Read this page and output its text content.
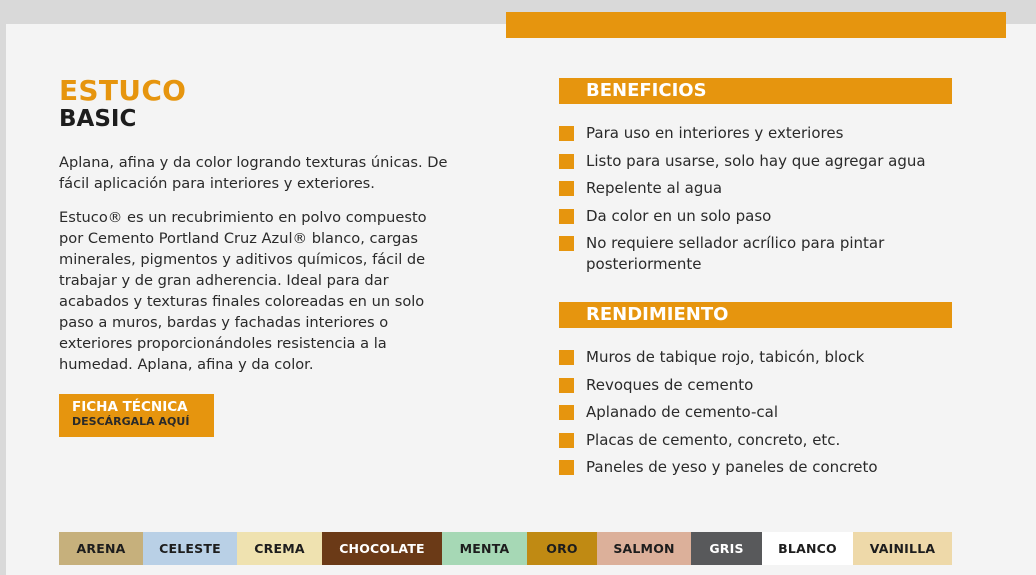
ESTUCO
BASIC

Aplana, afina y da color logrando texturas únicas. De fácil aplicación para interiores y exteriores.

Estuco® es un recubrimiento en polvo compuesto por Cemento Portland Cruz Azul® blanco, cargas minerales, pigmentos y aditivos químicos, fácil de trabajar y de gran adherencia. Ideal para dar acabados y texturas finales coloreadas en un solo paso a muros, bardas y fachadas interiores o exteriores proporcionándoles resistencia a la humedad. Aplana, afina y da color.

FICHA TÉCNICA
DESCÁRGALA AQUÍ
BENEFICIOS
Para uso en interiores y exteriores
Listo para usarse, solo hay que agregar agua
Repelente al agua
Da color en un solo paso
No requiere sellador acrílico para pintar posteriormente
RENDIMIENTO
Muros de tabique rojo, tabicón, block
Revoques de cemento
Aplanado de cemento-cal
Placas de cemento, concreto, etc.
Paneles de yeso y paneles de concreto
ARENA	CELESTE	CREMA	CHOCOLATE	MENTA	ORO	SALMON	GRIS	BLANCO	VAINILLA
